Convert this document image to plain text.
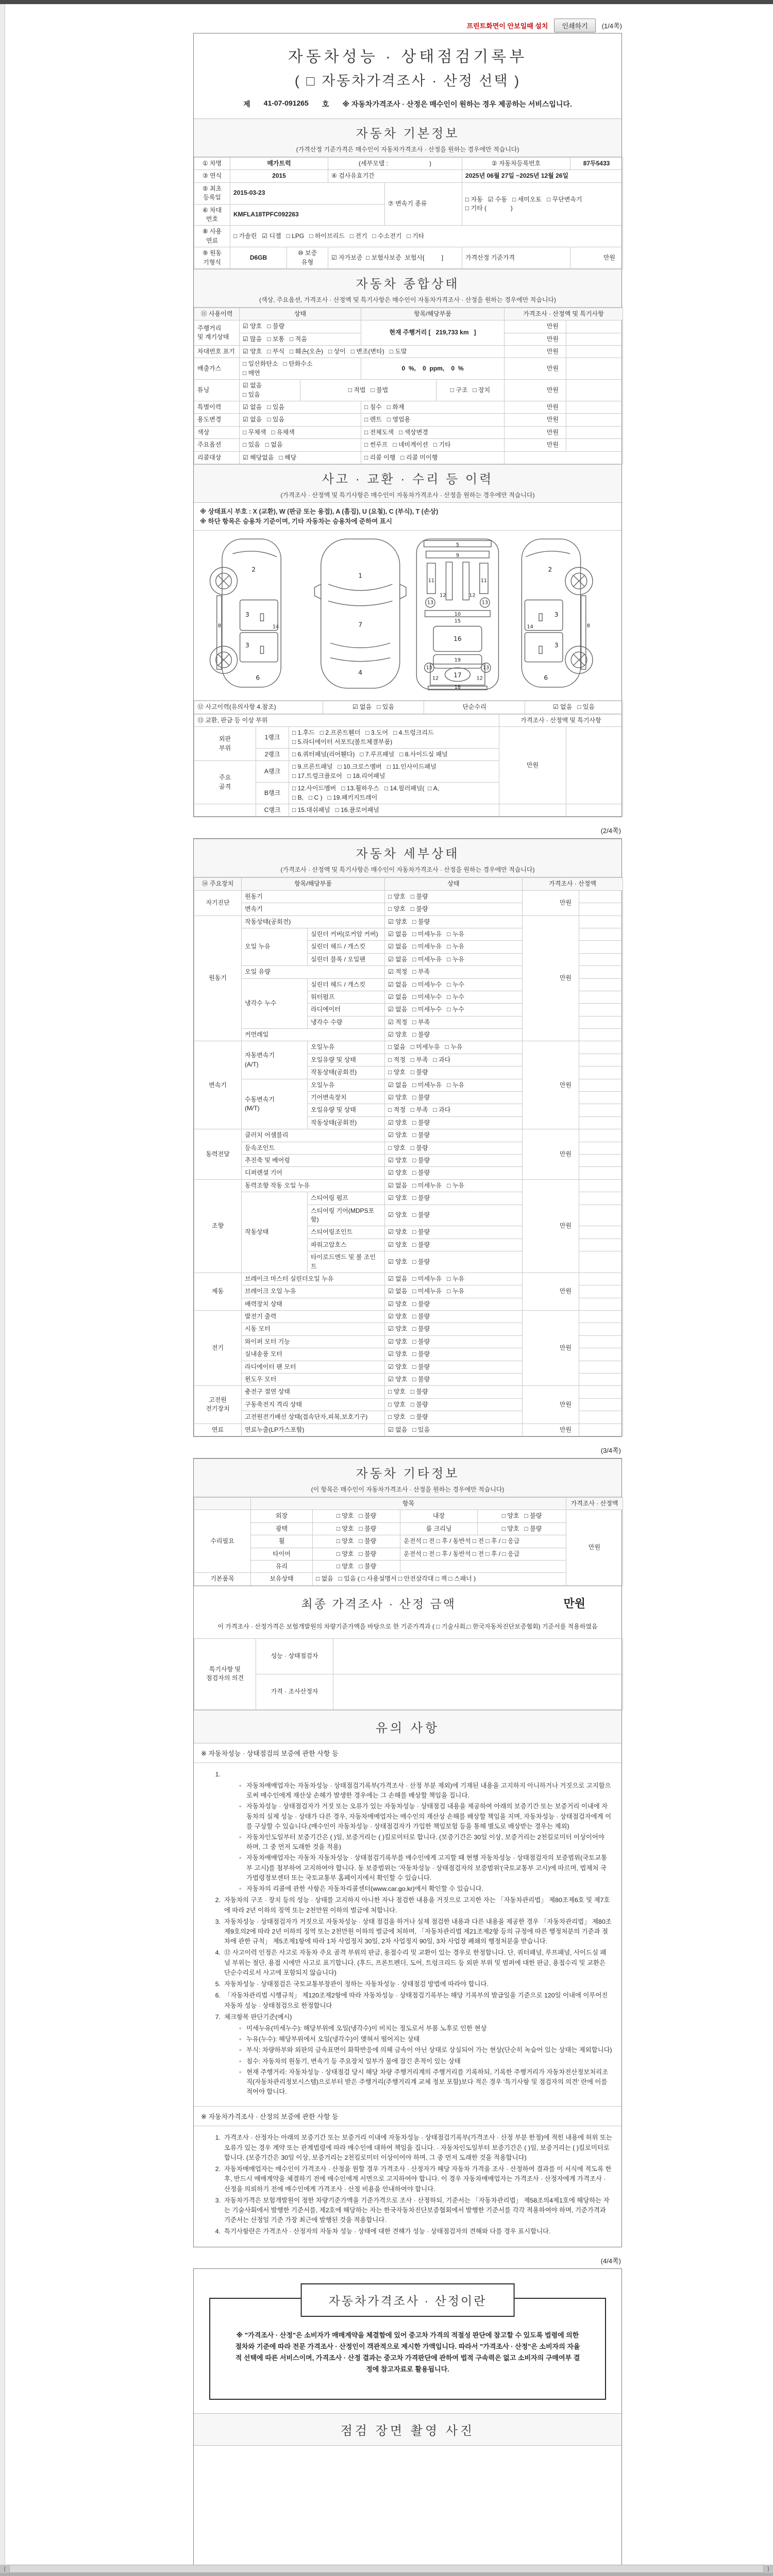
프린트화면이 안보일때 설치	인쇄하기	(1/4쪽)
자동차성능 · 상태점검기록부
( □ 자동차가격조사 · 산정 선택 )
제 41-07-091265 호 ※ 자동차가격조사 · 산정은 매수인이 원하는 경우 제공하는 서비스입니다.
자동차 기본정보
(가격산정 기준가격은 매수인이 자동차가격조사 · 산정을 원하는 경우에만 적습니다)
① 차명	메가트럭		(세부모델 :                        )		② 자동차등록번호	87두5433
③ 연식	2015		④ 검사유효기간		2025년 06월 27일 ~2025년 12월 26일	
⑤ 최초
등록일	2015-03-23			⑦ 변속기 종류	□ 자동   ☑ 수동   □ 세미오토   □ 무단변속기
□ 기타 (              )	
⑥ 차대
번호	KMFLA18TPFC092263					
⑧ 사용
연료	□ 가솔린   ☑ 디젤   □ LPG   □ 하이브리드   □ 전기   □ 수소전기   □ 기타					
⑨ 원동
기형식	D6GB	⑩ 보증
유형	☑ 자가보증  □ 보험사보증  보험사[          ]		가격산정 기준가격	만원
자동차 종합상태
(색상, 주요옵션, 가격조사 · 산정액 및 특기사항은 매수인이 자동차가격조사 · 산정을 원하는 경우에만 적습니다)
⑪ 사용이력	상태		항목/해당부품		가격조사 · 산정액 및 특기사항	
주행거리
및 계기상태	☑ 양호   □ 불량		현재 주행거리 [   219,733 km   ]		만원	
	☑ 많음   □ 보통   □ 적음				만원	
차대번호 표기	☑ 양호   □ 부식   □ 훼손(오손)   □ 상이   □ 변조(변타)   □ 도말				만원	
배출가스	□ 일산화탄소   □ 탄화수소
□ 매연		0  %,    0  ppm,    0  %		만원	
튜닝	☑ 없음
□ 있음	□ 적법   □ 불법		□ 구조   □ 장치	만원	
특별이력	☑ 없음   □ 있음		□ 침수   □ 화재		만원	
용도변경	☑ 없음   □ 있음		□ 렌트   □ 영업용		만원	
색상	□ 무채색   □ 유채색		□ 전체도색   □ 색상변경		만원	
주요옵션	□ 있음   □ 없음		□ 썬루프   □ 네비게이션   □ 기타		만원	
리콜대상	☑ 해당없음   □ 해당		□ 리콜 이행   □ 리콜 미이행			
사고 · 교환 · 수리 등 이력
(가격조사 · 산정액 및 특기사항은 매수인이 자동차가격조사 · 산정을 원하는 경우에만 적습니다)
※ 상태표시 부호 : X (교환), W (판금 또는 용접), A (흠집), U (요철), C (부식), T (손상)
※ 하단 항목은 승용차 기준이며, 기타 자동차는 승용차에 준하여 표시
2
3
3
14
8
6
1
7
4
5
9
11	11
12	12
13	13
10
15
16
19
13	13
17
12	12
18
2
3
3
14	8
6
⑫ 사고이력(유의사항 4.참조)	☑ 없음   □ 있음	단순수리	☑ 없음   □ 있음
⑬ 교환, 판금 등 이상 부위			가격조사 · 산정액 및 특기사항	
외판
부위	1랭크	□ 1.후드   □ 2.프론트휀더   □ 3.도어   □ 4.트렁크리드
□ 5.라디에이터 서포트(볼트체결부품)	만원	
	2랭크	□ 6.쿼터패널(리어휀다)   □ 7.루프패널   □ 8.사이드실 패널		
주요
골격	A랭크	□ 9.프론트패널   □ 10.크로스멤버   □ 11.인사이드패널
□ 17.트렁크플로어   □ 18.리어패널		
	B랭크	□ 12.사이드멤버   □ 13.휠하우스   □ 14.필러패널(  □ A,
□ B,   □ C )   □ 19.패키지트레이		
	C랭크	□ 15.대쉬패널   □ 16.플로어패널		
(2/4쪽)
자동차 세부상태
(가격조사 · 산정액 및 특기사항은 매수인이 자동차가격조사 · 산정을 원하는 경우에만 적습니다)
⑭ 주요장치	항목/해당부품		상태	가격조사 · 산정액	
자기진단	원동기		□ 양호   □ 불량	만원	
	변속기		□ 양호   □ 불량		
원동기	작동상태(공회전)		☑ 양호   □ 불량	만원	
	오일 누유	실린더 커버(로커암 커버)	☑ 없음   □ 미세누유   □ 누유		
		실린더 헤드 / 개스킷	☑ 없음   □ 미세누유   □ 누유		
		실린더 블록 / 오일팬	☑ 없음   □ 미세누유   □ 누유		
	오일 유량		☑ 적정   □ 부족		
	냉각수 누수	실린더 헤드 / 개스킷	☑ 없음   □ 미세누수   □ 누수		
		워터펌프	☑ 없음   □ 미세누수   □ 누수		
		라디에이터	☑ 없음   □ 미세누수   □ 누수		
		냉각수 수량	☑ 적정   □ 부족		
	커먼레일		☑ 양호   □ 불량		
변속기	자동변속기
(A/T)	오일누유	□ 없음   □ 미세누유   □ 누유	만원	
		오일유량 및 상태	□ 적정   □ 부족   □ 과다		
		작동상태(공회전)	□ 양호   □ 불량		
	수동변속기
(M/T)	오일누유	☑ 없음   □ 미세누유   □ 누유		
		기어변속장치	☑ 양호   □ 불량		
		오일유량 및 상태	□ 적정   □ 부족   □ 과다		
		작동상태(공회전)	☑ 양호   □ 불량		
동력전달	클러치 어셈블리		☑ 양호   □ 불량	만원	
	등속조인트		□ 양호   □ 불량		
	추진축 및 베어링		☑ 양호   □ 불량		
	디퍼렌셜 기어		☑ 양호   □ 불량		
조향	동력조향 작동 오일 누유		☑ 없음   □ 미세누유   □ 누유	만원	
	작동상태	스티어링 펌프	☑ 양호   □ 불량		
		스티어링 기어(MDPS포함)	☑ 양호   □ 불량		
		스티어링조인트	☑ 양호   □ 불량		
		파워고압호스	☑ 양호   □ 불량		
		타이로드엔드 및 볼 조인트	☑ 양호   □ 불량		
제동	브레이크 마스터 실린더오일 누유		☑ 없음   □ 미세누유   □ 누유	만원	
	브레이크 오일 누유		☑ 없음   □ 미세누유   □ 누유		
	배력장치 상태		☑ 양호   □ 불량		
전기	발전기 출력		☑ 양호   □ 불량	만원	
	시동 모터		☑ 양호   □ 불량		
	와이퍼 모터 기능		☑ 양호   □ 불량		
	실내송풍 모터		☑ 양호   □ 불량		
	라디에이터 팬 모터		☑ 양호   □ 불량		
	윈도우 모터		☑ 양호   □ 불량		
고전원
전기장치	충전구 절연 상태		□ 양호   □ 불량	만원	
	구동축전지 격리 상태		□ 양호   □ 불량		
	고전원전기배선 상태(접속단자,피복,보호기구)		□ 양호   □ 불량		
연료	연료누출(LP가스포함)		☑ 없음   □ 있음	만원	
(3/4쪽)
자동차 기타정보
(이 항목은 매수인이 자동차가격조사 · 산정을 원하는 경우에만 적습니다)
	항목				가격조사 · 산정액
수리필요	외장	□ 양호   □ 불량	내장	□ 양호   □ 불량	만원
	광택	□ 양호   □ 불량	룸 크리닝	□ 양호   □ 불량	
	휠	□ 양호   □ 불량	운전석 □ 전 □ 후 / 동반석 □ 전 □ 후 / □ 응급		
	타이어	□ 양호   □ 불량	운전석 □ 전 □ 후 / 동반석 □ 전 □ 후 / □ 응급		
	유리	□ 양호   □ 불량			
기본품목	보유상태	□ 없음   □ 있음 ( □ 사용설명서 □ 안전삼각대 □ 잭 □ 스패너 )			
최종 가격조사 · 산정 금액	만원
이 가격조사 · 산정가격은 보험개발원의 차량기준가액을 바탕으로 한 기준가격과 ( □ 기술사회,□ 한국자동차진단보증협회) 기준서를 적용하였음
특기사항 및
점검자의 의견	성능 · 상태점검자	
	가격 · 조사산정자	
유의 사항
※ 자동차성능 · 상태점검의 보증에 관한 사항 등
1.
◦ 자동차매매업자는 자동차성능 · 상태점검기록부(가격조사 · 산정 부분 제외)에 기재된 내용을 고지하지 아니하거나 거짓으로 고지함으로써 매수인에게 재산상 손해가 발생한 경우에는 그 손해를 배상할 책임을 집니다.
◦ 자동차성능 · 상태점검자가 거짓 또는 오류가 있는 자동차성능 · 상태점검 내용을 제공하여 아래의 보증기간 또는 보증거리 이내에 자동차의 실제 성능 · 상태가 다른 경우, 자동차매매업자는 매수인의 재산상 손해를 배상할 책임을 지며, 자동차성능 · 상태점검자에게 이를 구상할 수 있습니다.(매수인이 자동차성능 · 상태점검자가 가입한 책임보험 등을 통해 별도로 배상받는 경우는 제외)
◦ 자동차인도일부터 보증기간은 ( )일, 보증거리는 ( )킬로미터로 합니다. (보증기간은 30일 이상, 보증거리는 2천킬로미터 이상이어야 하며, 그 중 먼저 도래한 것을 적용)
◦ 자동차매매업자는 자동차 자동차성능 · 상태점검기록부를 매수인에게 고지할 때 현행 자동차성능 · 상태점검자의 보증범위(국토교통부 고시)를 첨부하여 고지하여야 합니다. 동 보증범위는 '자동차성능 · 상태점검자의 보증범위'(국토교통부 고시)에 따르며, 법제처 국가법령정보센터 또는 국토교통부 홈페이지에서 확인할 수 있습니다.
◦ 자동차의 리콜에 관한 사항은 자동차리콜센터(www.car.go.kr)에서 확인할 수 있습니다.
2. 자동차의 구조 · 장치 등의 성능 · 상태를 고지하지 아니한 자나 점검한 내용을 거짓으로 고지한 자는 「자동차관리법」 제80조제6호 및 제7호에 따라 2년 이하의 징역 또는 2천만원 이하의 벌금에 처합니다.
3. 자동차성능 · 상태점검자가 거짓으로 자동차성능 · 상태 점검을 하거나 실제 점검한 내용과 다른 내용을 제공한 경우 「자동차관리법」 제80조제9호의2에 따라 2년 이하의 징역 또는 2천만원 이하의 벌금에 처하며, 「자동차관리법 제21조제2항 등의 규정에 따른 행정처분의 기준과 절차에 관한 규칙」 제5조제1항에 따라 1차 사업정지 30일, 2차 사업정지 90일, 3차 사업장 폐쇄의 행정처분을 받습니다.
4. ⑫ 사고이력 인정은 사고로 자동차 주요 골격 부위의 판금, 용접수리 및 교환이 있는 경우로 한정합니다. 단, 쿼터패널, 루프패널, 사이드실 패널 부위는 절단, 용접 시에만 사고로 표기합니다. (후드, 프론트펜더, 도어, 트렁크리드 등 외판 부위 및 범퍼에 대한 판금, 용접수리 및 교환은 단순수리로서 사고에 포함되지 않습니다)
5. 자동차성능 · 상태점검은 국토교통부장관이 정하는 자동차성능 · 상태점검 방법에 따라야 합니다.
6. 「자동차관리법 시행규칙」 제120조제2항에 따라 자동차성능 · 상태점검기록부는 해당 기록부의 발급일을 기준으로 120일 이내에 이루어진 자동차 성능 · 상태점검으로 한정합니다
7. 체크항목 판단기준(예시)
◦ 미세누유(미세누수): 해당부위에 오일(냉각수)이 비치는 정도로서 부품 노후로 인한 현상
◦ 누유(누수): 해당부위에서 오일(냉각수)이 맺혀서 떨어지는 상태
◦ 부식: 차량하부와 외판의 금속표면이 화학반응에 의해 금속이 아닌 상태로 상실되어 가는 현상(단순히 녹슬어 있는 상태는 제외합니다)
◦ 침수: 자동차의 원동기, 변속기 등 주요장치 일부가 물에 잠긴 흔적이 있는 상태
◦ 현재 주행거리: 자동차성능 · 상태점검 당시 해당 차량 주행거리계의 주행거리를 기록하되, 기록한 주행거리가 자동차전산정보처리조직(자동차관리정보시스템)으로부터 받은 주행거리(주행거리계 교체 정보 포함)보다 적은 경우 '특기사항 및 점검자의 의견' 란에 이를 적어야 합니다.
※ 자동차가격조사 · 산정의 보증에 관한 사항 등
1. 가격조사 · 산정자는 아래의 보증기간 또는 보증거리 이내에 자동차성능 · 상태점검기록부(가격조사 · 산정 부분 한정)에 적힌 내용에 허위 또는 오류가 있는 경우 계약 또는 관계법령에 따라 매수인에 대하여 책임을 집니다. · 자동차인도일부터 보증기간은 ( )일, 보증거리는 ( )킬로미터로 합니다. (보증기간은 30일 이상, 보증거리는 2천킬로미터 이상이어야 하며, 그 중 먼저 도래한 것을 적용합니다)
2. 자동차매매업자는 매수인이 가격조사 · 산정을 원할 경우 가격조사 · 산정자가 해당 자동차 가격을 조사 · 산정하여 결과를 이 서식에 적도록 한 후, 반드시 매매계약을 체결하기 전에 매수인에게 서면으로 고지하여야 합니다. 이 경우 자동차매매업자는 가격조사 · 산정자에게 가격조사 · 산정을 의뢰하기 전에 매수인에게 가격조사 · 산정 비용을 안내하여야 합니다.
3. 자동차가격은 보험개발원이 정한 차량기준가액을 기준가격으로 조사 · 산정하되, 기준서는 「자동차관리법」 제58조의4제1호에 해당하는 자는 기술사회에서 발행한 기준서를, 제2호에 해당하는 자는 한국자동차진단보증협회에서 발행한 기준서를 각각 적용하여야 하며, 기준가격과 기준서는 산정일 기준 가장 최근에 발행된 것을 적용합니다.
4. 특기사항란은 가격조사 · 산정자의 자동차 성능 · 상태에 대한 견해가 성능 · 상태점검자의 견해와 다를 경우 표시합니다.
(4/4쪽)
자동차가격조사 · 산정이란
※ "가격조사 · 산정"은 소비자가 매매계약을 체결함에 있어 중고차 가격의 적절성 판단에 참고할 수 있도록 법령에 의한 절차와 기준에 따라 전문 가격조사 · 산정인이 객관적으로 제시한 가액입니다. 따라서 "가격조사 · 산정"은 소비자의 자율적 선택에 따른 서비스이며, 가격조사 · 산정 결과는 중고차 가격판단에 관하여 법적 구속력은 없고 소비자의 구매여부 결정에 참고자료로 활용됩니다.
점검 장면 촬영 사진
⟨	⟩
